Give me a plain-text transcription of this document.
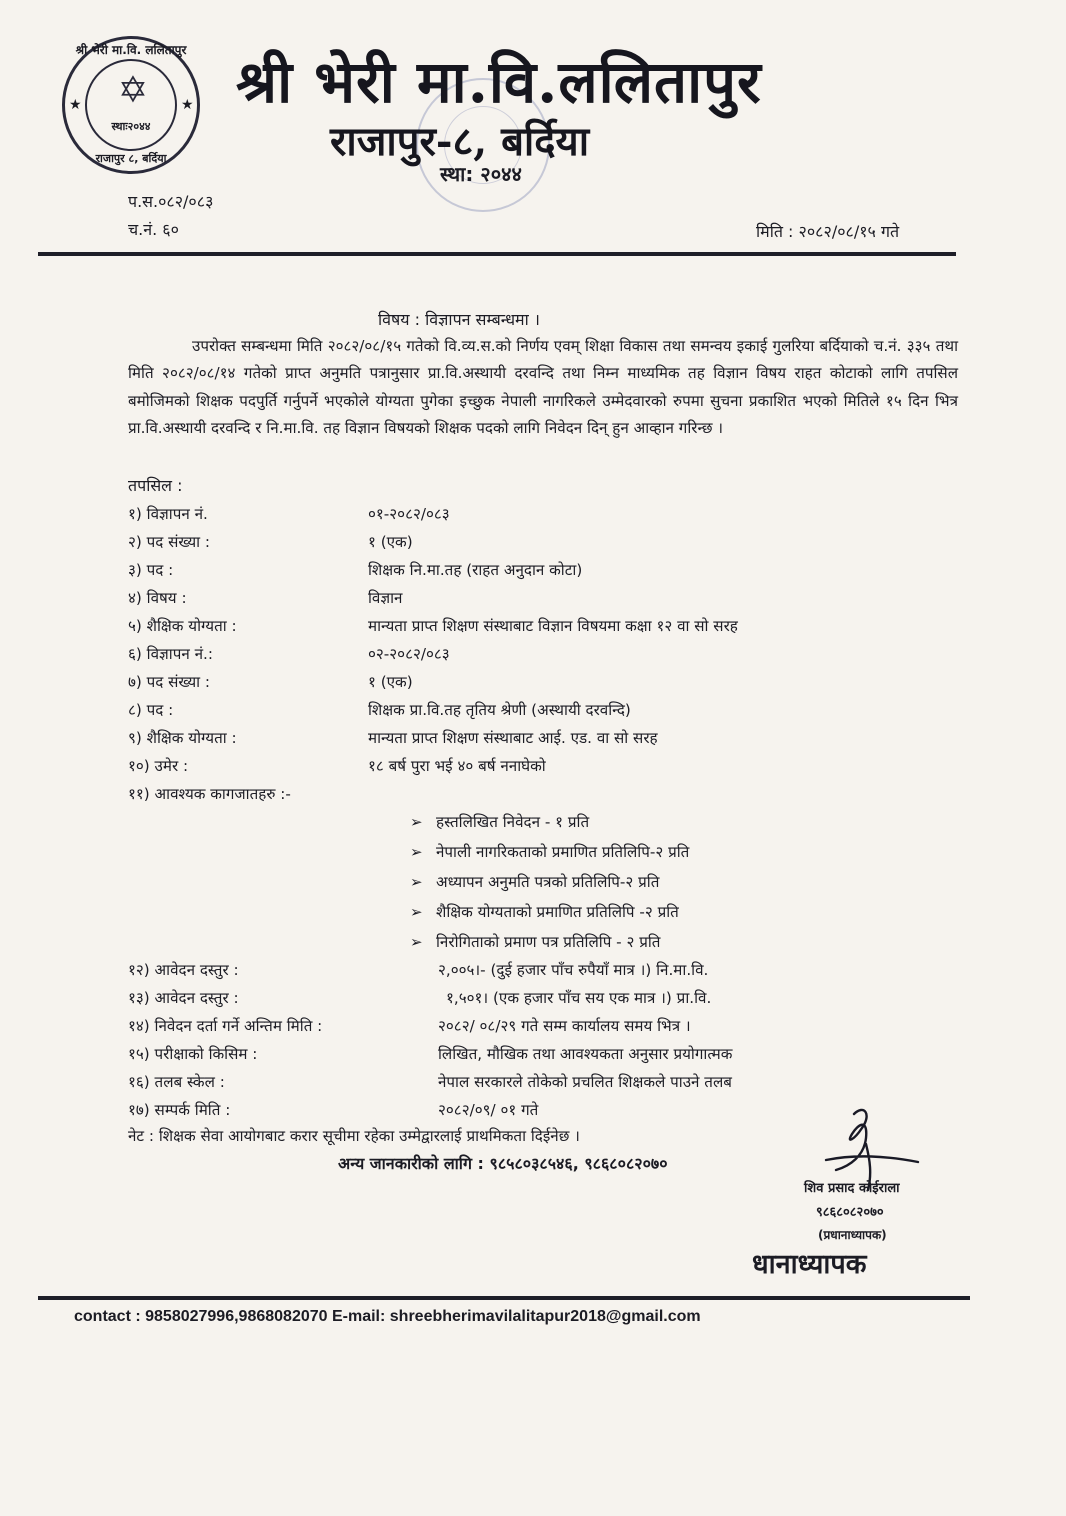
श्री भेरी मा.वि. ललितापुर
★	★
✡
स्थाः२०४४
राजापुर ८, बर्दिया
श्री भेरी मा.वि.ललितापुर
राजापुर-८, बर्दिया
स्था: २०४४
प.स.०८२/०८३
च.नं. ६०	मिति : २०८२/०८/१५ गते
विषय : विज्ञापन सम्बन्धमा ।
उपरोक्त सम्बन्धमा मिति २०८२/०८/१५ गतेको वि.व्य.स.को निर्णय एवम् शिक्षा विकास तथा समन्वय इकाई गुलरिया बर्दियाको च.नं. ३३५ तथा मिति २०८२/०८/१४ गतेको प्राप्त अनुमति पत्रानुसार प्रा.वि.अस्थायी दरवन्दि तथा निम्न माध्यमिक तह विज्ञान विषय राहत कोटाको लागि तपसिल बमोजिमको शिक्षक पदपुर्ति गर्नुपर्ने भएकोले योग्यता पुगेका इच्छुक नेपाली नागरिकले उम्मेदवारको रुपमा सुचना प्रकाशित भएको मितिले १५ दिन भित्र प्रा.वि.अस्थायी दरवन्दि र नि.मा.वि. तह विज्ञान विषयको शिक्षक पदको लागि निवेदन दिन् हुन आव्हान गरिन्छ ।
तपसिल :
१) विज्ञापन नं.	०१-२०८२/०८३
२) पद संख्या :	१ (एक)
३) पद :	शिक्षक नि.मा.तह (राहत अनुदान कोटा)
४) विषय :	विज्ञान
५) शैक्षिक योग्यता :	मान्यता प्राप्त शिक्षण संस्थाबाट विज्ञान विषयमा कक्षा १२ वा सो सरह
६) विज्ञापन नं.:	०२-२०८२/०८३
७) पद संख्या :	१ (एक)
८) पद :	शिक्षक प्रा.वि.तह तृतिय श्रेणी (अस्थायी दरवन्दि)
९) शैक्षिक योग्यता :	मान्यता प्राप्त शिक्षण संस्थाबाट आई. एड. वा सो सरह
१०) उमेर :	१८ बर्ष पुरा भई ४० बर्ष ननाघेको
११) आवश्यक कागजातहरु :-
➢ हस्तलिखित निवेदन - १ प्रति
➢ नेपाली नागरिकताको प्रमाणित प्रतिलिपि-२ प्रति
➢ अध्यापन अनुमति पत्रको प्रतिलिपि-२ प्रति
➢ शैक्षिक योग्यताको प्रमाणित प्रतिलिपि -२ प्रति
➢ निरोगिताको प्रमाण पत्र प्रतिलिपि - २ प्रति
१२) आवेदन दस्तुर :	२,००५।- (दुई हजार पाँच रुपैयाँ मात्र ।) नि.मा.वि.
१३) आवेदन दस्तुर :	१,५०१। (एक हजार पाँच सय एक मात्र ।) प्रा.वि.
१४) निवेदन दर्ता गर्ने अन्तिम मिति :	२०८२/ ०८/२९ गते सम्म कार्यालय समय भित्र ।
१५) परीक्षाको किसिम :	लिखित, मौखिक तथा आवश्यकता अनुसार प्रयोगात्मक
१६) तलब स्केल :	नेपाल सरकारले तोकेको प्रचलित शिक्षकले पाउने तलब
१७) सम्पर्क मिति :	२०८२/०९/ ०१ गते
नेट : शिक्षक सेवा आयोगबाट करार सूचीमा रहेका उम्मेद्वारलाई प्राथमिकता दिईनेछ ।
अन्य जानकारीको लागि : ९८५८०३८५४६, ९८६८०८२०७०
शिव प्रसाद कोईराला
९८६८०८२०७०
(प्रधानाध्यापक)
धानाध्यापक
contact : 9858027996,9868082070 E-mail: shreebherimavilalitapur2018@gmail.com
